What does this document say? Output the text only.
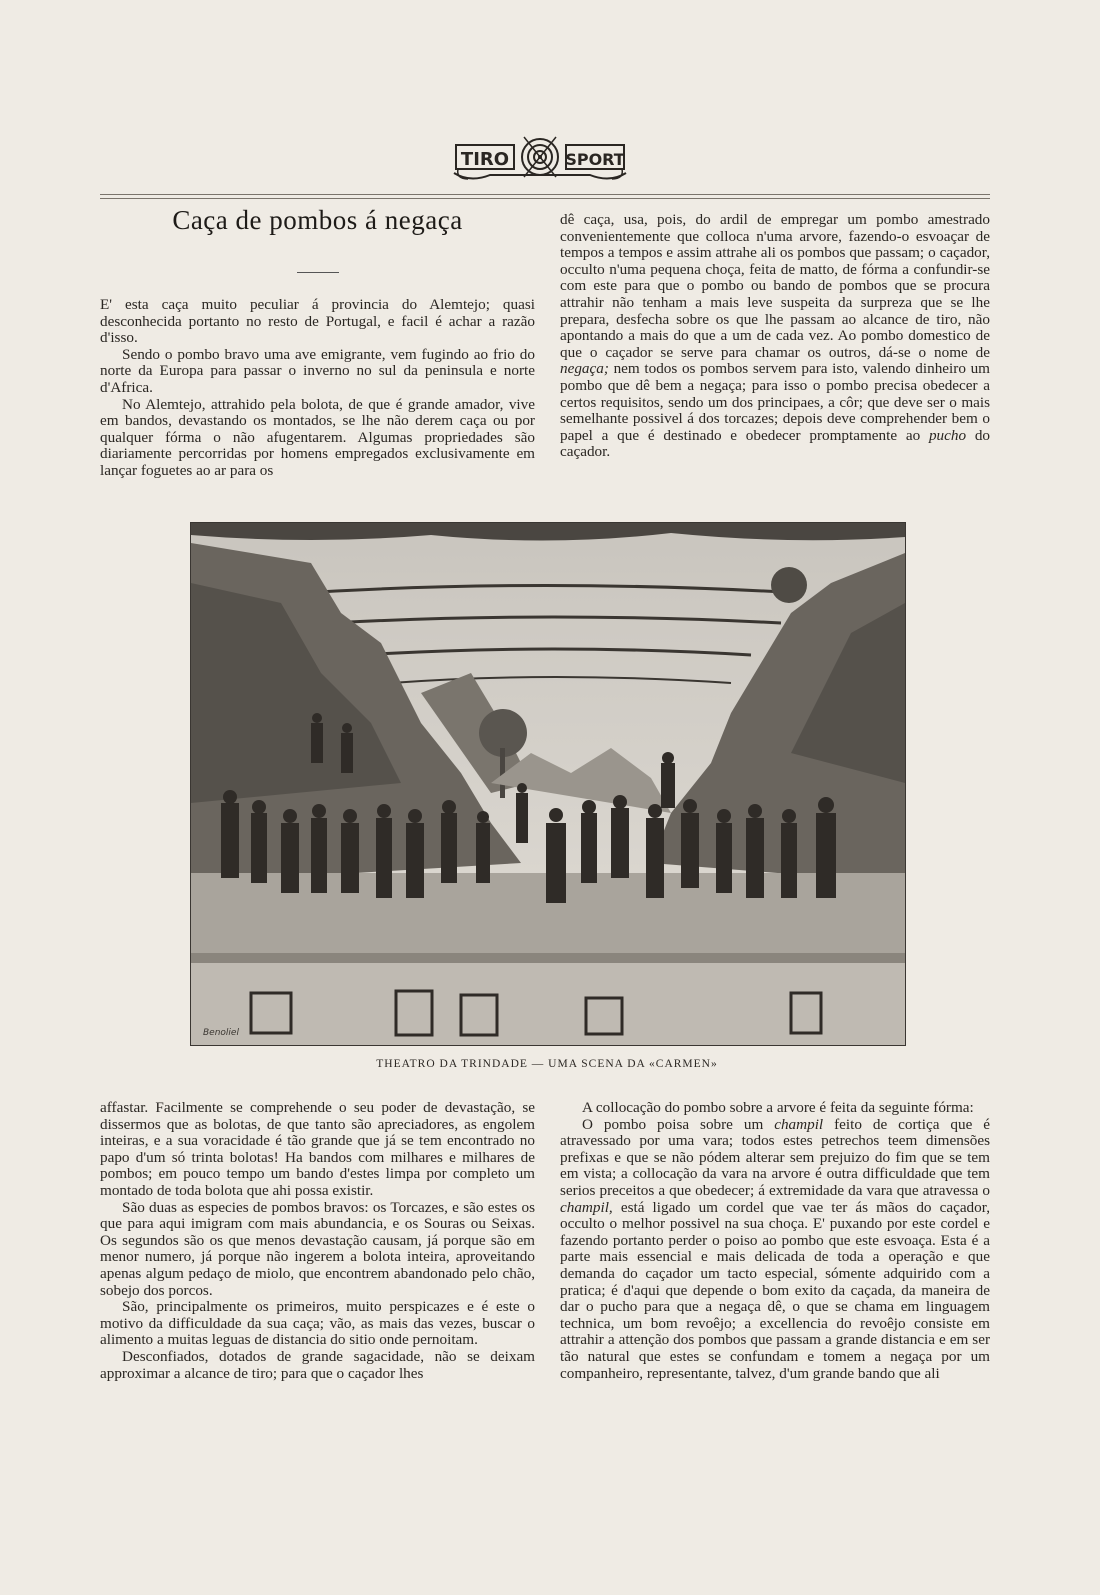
TIRO	SPORT
Caça de pombos á negaça

E' esta caça muito peculiar á provincia do Alemtejo; quasi desconhecida portanto no resto de Portugal, e facil é achar a razão d'isso.

Sendo o pombo bravo uma ave emigrante, vem fugindo ao frio do norte da Europa para passar o inverno no sul da peninsula e norte d'Africa.

No Alemtejo, attrahido pela bolota, de que é grande amador, vive em bandos, devastando os montados, se lhe não derem caça ou por qualquer fórma o não afugentarem. Algumas propriedades são diariamente percorridas por homens empregados exclusivamente em lançar foguetes ao ar para os

dê caça, usa, pois, do ardil de empregar um pombo amestrado convenientemente que colloca n'uma arvore, fazendo-o esvoaçar de tempos a tempos e assim attrahe ali os pombos que passam; o caçador, occulto n'uma pequena choça, feita de matto, de fórma a confundir-se com este para que o pombo ou bando de pombos que se procura attrahir não tenham a mais leve suspeita da surpreza que se lhe prepara, desfecha sobre os que lhe passam ao alcance de tiro, não apontando a mais do que a um de cada vez. Ao pombo domestico de que o caçador se serve para chamar os outros, dá-se o nome de negaça; nem todos os pombos servem para isto, valendo dinheiro um pombo que dê bem a negaça; para isso o pombo precisa obedecer a certos requisitos, sendo um dos principaes, a côr; que deve ser o mais semelhante possivel á dos torcazes; depois deve comprehender bem o papel a que é destinado e obedecer promptamente ao pucho do caçador.

Benoliel
THEATRO DA TRINDADE — UMA SCENA DA «CARMEN»

affastar. Facilmente se comprehende o seu poder de devastação, se dissermos que as bolotas, de que tanto são apreciadores, as engolem inteiras, e a sua voracidade é tão grande que já se tem encontrado no papo d'um só trinta bolotas! Ha bandos com milhares e milhares de pombos; em pouco tempo um bando d'estes limpa por completo um montado de toda bolota que ahi possa existir.

São duas as especies de pombos bravos: os Torcazes, e são estes os que para aqui imigram com mais abundancia, e os Souras ou Seixas. Os segundos são os que menos devastação causam, já porque são em menor numero, já porque não ingerem a bolota inteira, aproveitando apenas algum pedaço de miolo, que encontrem abandonado pelo chão, sobejo dos porcos.

São, principalmente os primeiros, muito perspicazes e é este o motivo da difficuldade da sua caça; vão, as mais das vezes, buscar o alimento a muitas leguas de distancia do sitio onde pernoitam.

Desconfiados, dotados de grande sagacidade, não se deixam approximar a alcance de tiro; para que o caçador lhes

A collocação do pombo sobre a arvore é feita da seguinte fórma:

O pombo poisa sobre um champil feito de cortiça que é atravessado por uma vara; todos estes petrechos teem dimensões prefixas e que se não pódem alterar sem prejuizo do fim que se tem em vista; a collocação da vara na arvore é outra difficuldade que tem serios preceitos a que obedecer; á extremidade da vara que atravessa o champil, está ligado um cordel que vae ter ás mãos do caçador, occulto o melhor possivel na sua choça. E' puxando por este cordel e fazendo portanto perder o poiso ao pombo que este esvoaça. Esta é a parte mais essencial e mais delicada de toda a operação e que demanda do caçador um tacto especial, sómente adquirido com a pratica; é d'aqui que depende o bom exito da caçada, da maneira de dar o pucho para que a negaça dê, o que se chama em linguagem technica, um bom revoêjo; a excellencia do revoêjo consiste em attrahir a attenção dos pombos que passam a grande distancia e em ser tão natural que estes se confundam e tomem a negaça por um companheiro, representante, talvez, d'um grande bando que ali
